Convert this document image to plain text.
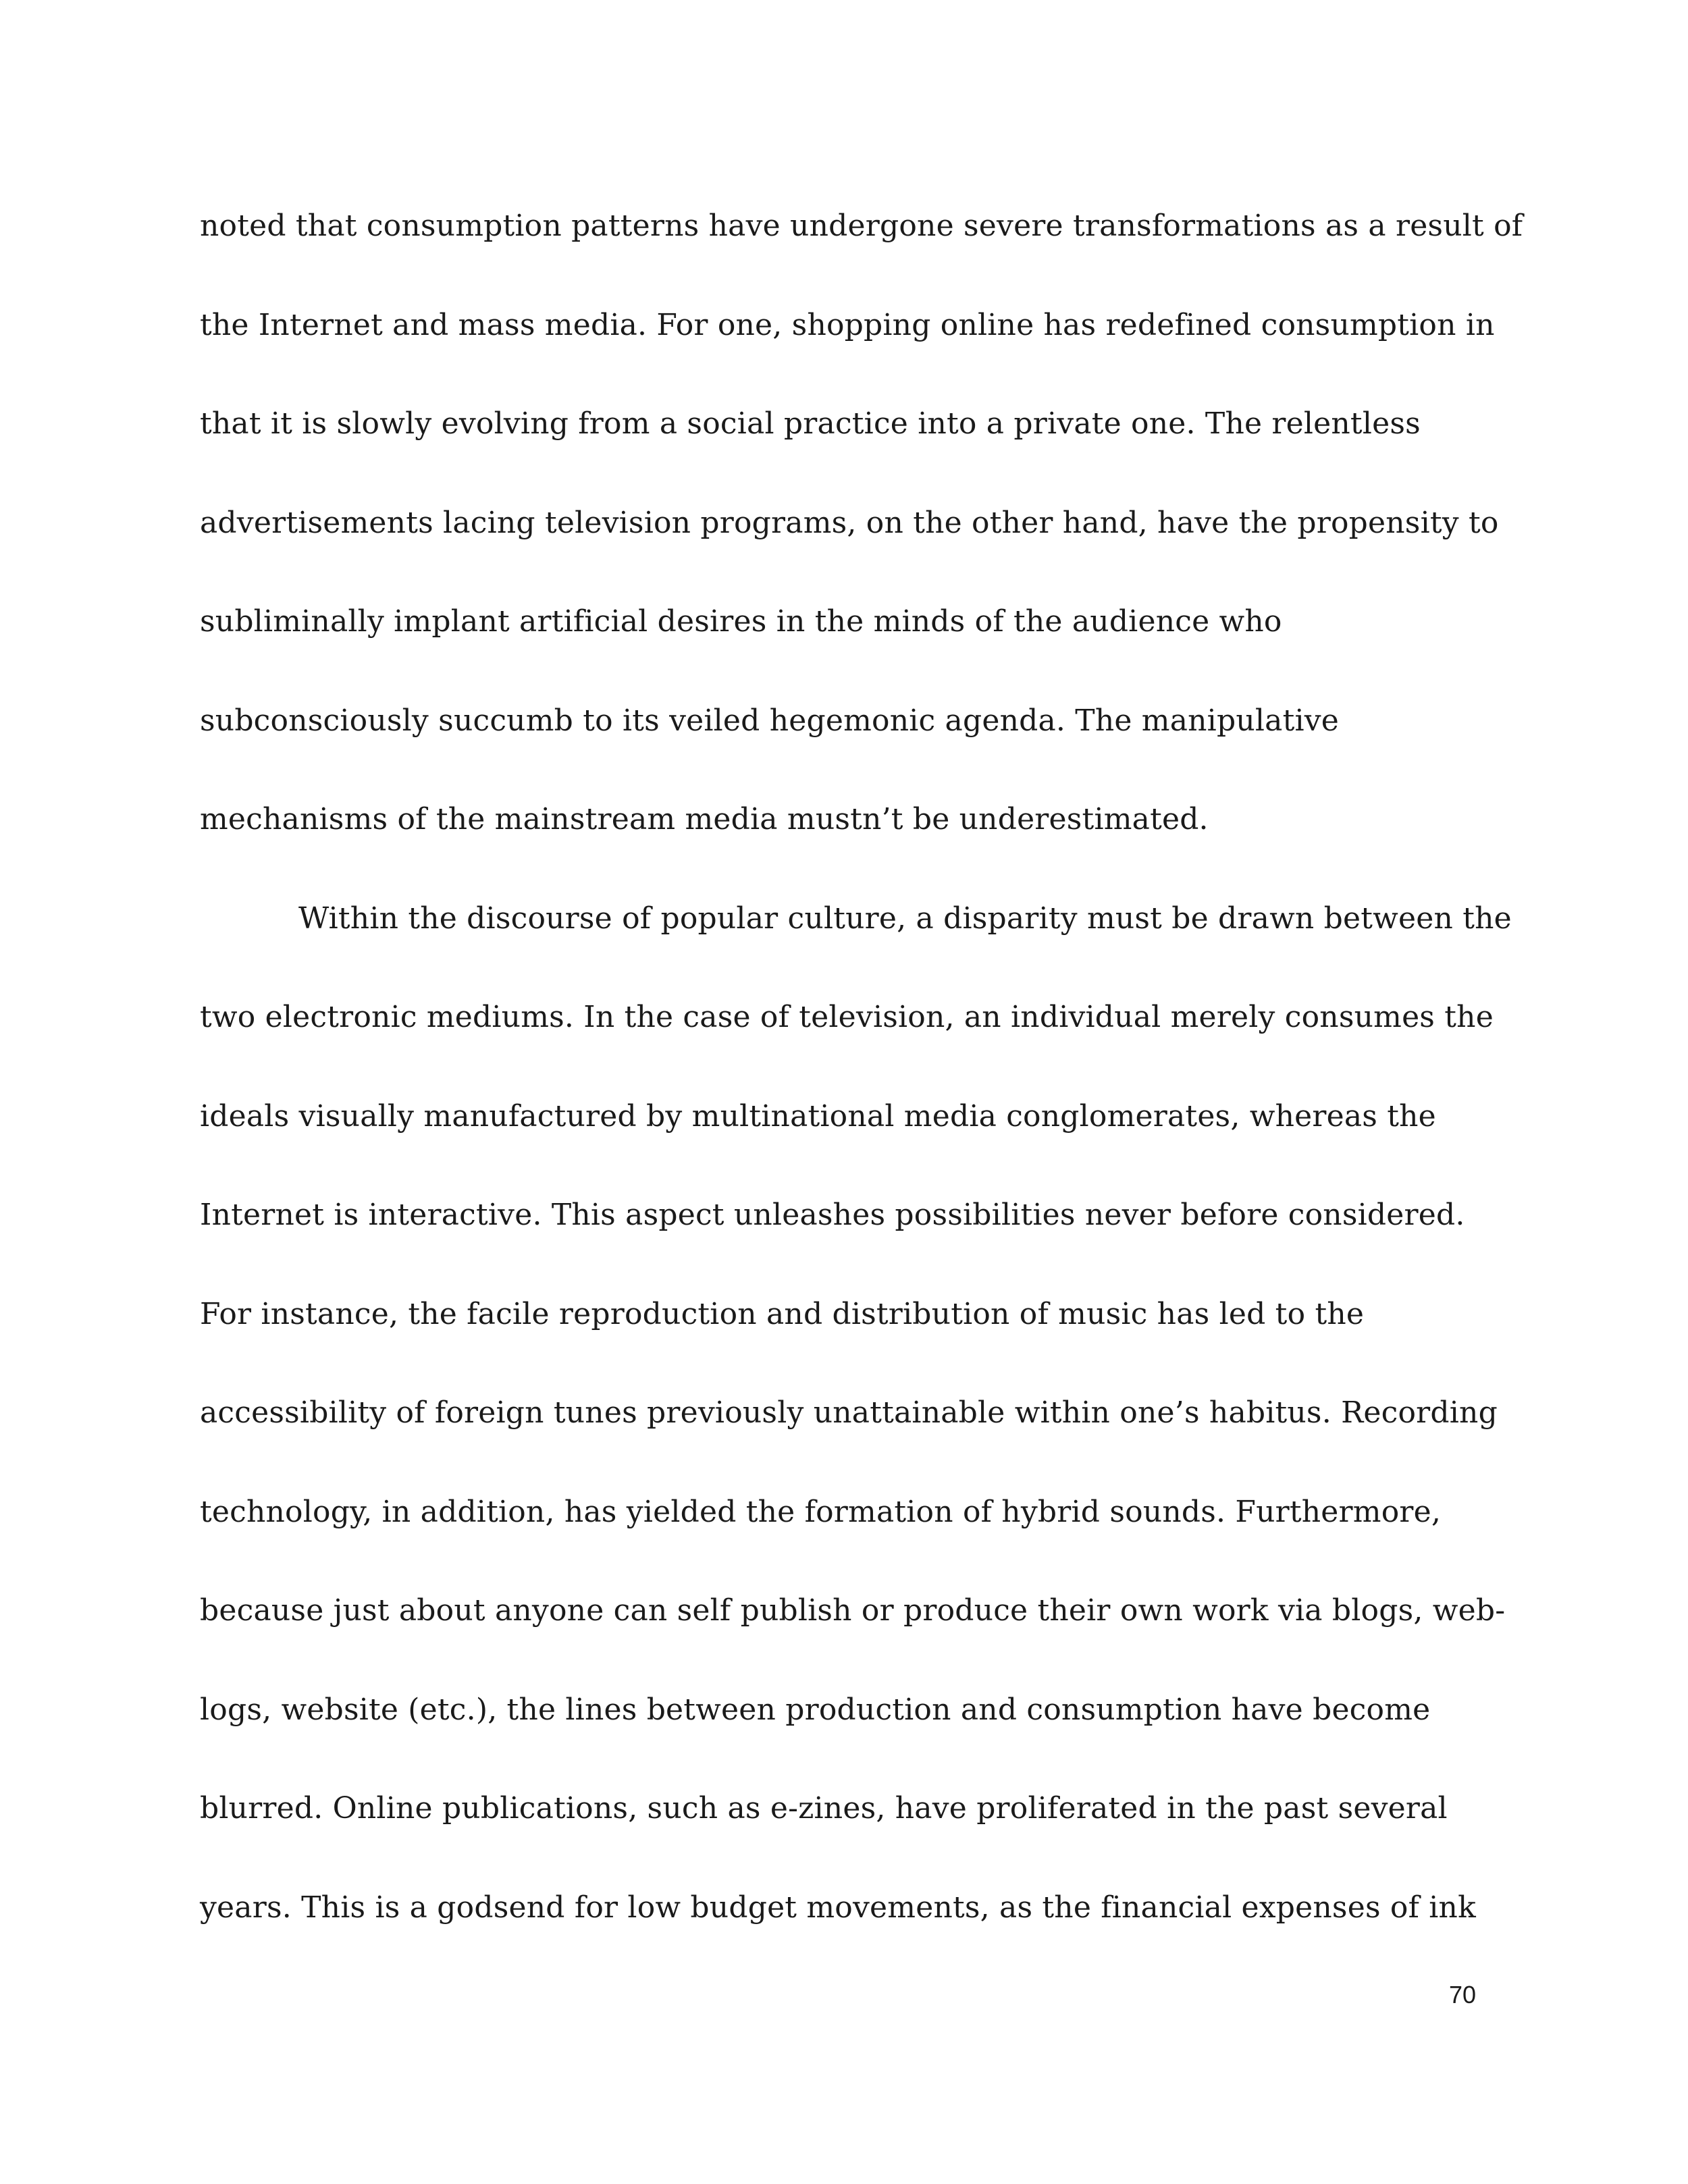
noted that consumption patterns have undergone severe transformations as a result of
the Internet and mass media. For one, shopping online has redefined consumption in
that it is slowly evolving from a social practice into a private one. The relentless
advertisements lacing television programs, on the other hand, have the propensity to
subliminally implant artificial desires in the minds of the audience who
subconsciously succumb to its veiled hegemonic agenda. The manipulative
mechanisms of the mainstream media mustn’t be underestimated.
Within the discourse of popular culture, a disparity must be drawn between the
two electronic mediums. In the case of television, an individual merely consumes the
ideals visually manufactured by multinational media conglomerates, whereas the
Internet is interactive. This aspect unleashes possibilities never before considered.
For instance, the facile reproduction and distribution of music has led to the
accessibility of foreign tunes previously unattainable within one’s habitus. Recording
technology, in addition, has yielded the formation of hybrid sounds. Furthermore,
because just about anyone can self publish or produce their own work via blogs, web-
logs, website (etc.), the lines between production and consumption have become
blurred. Online publications, such as e-zines, have proliferated in the past several
years. This is a godsend for low budget movements, as the financial expenses of ink
70
